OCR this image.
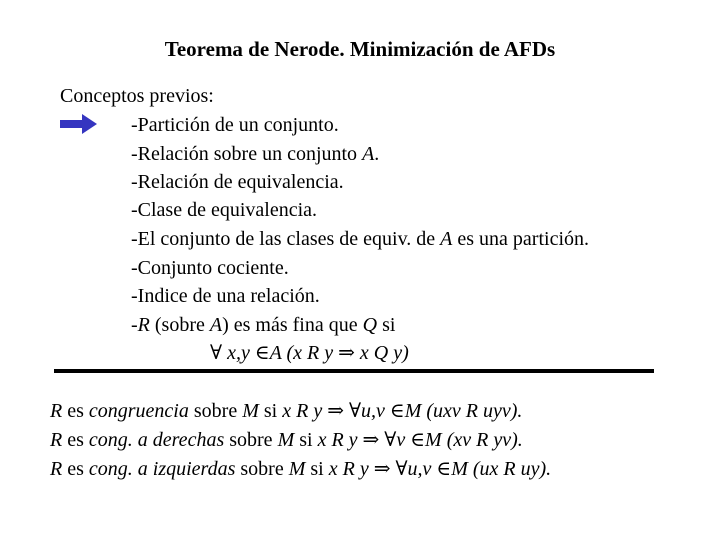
Teorema de Nerode. Minimización de AFDs
Conceptos previos:
-Partición de un conjunto.
-Relación sobre un conjunto A.
-Relación de equivalencia.
-Clase de equivalencia.
-El conjunto de las clases de equiv. de A es una partición.
-Conjunto cociente.
-Indice de una relación.
-R (sobre A) es más fina que Q si
∀ x,y ∈A (x R y ⇒ x Q y)
R es congruencia sobre M si x R y ⇒ ∀u,v ∈M (uxv R uyv).
R es cong. a derechas sobre M si x R y ⇒ ∀v ∈M (xv R yv).
R es cong. a izquierdas sobre M si x R y ⇒ ∀u,v ∈M (ux R uy).
